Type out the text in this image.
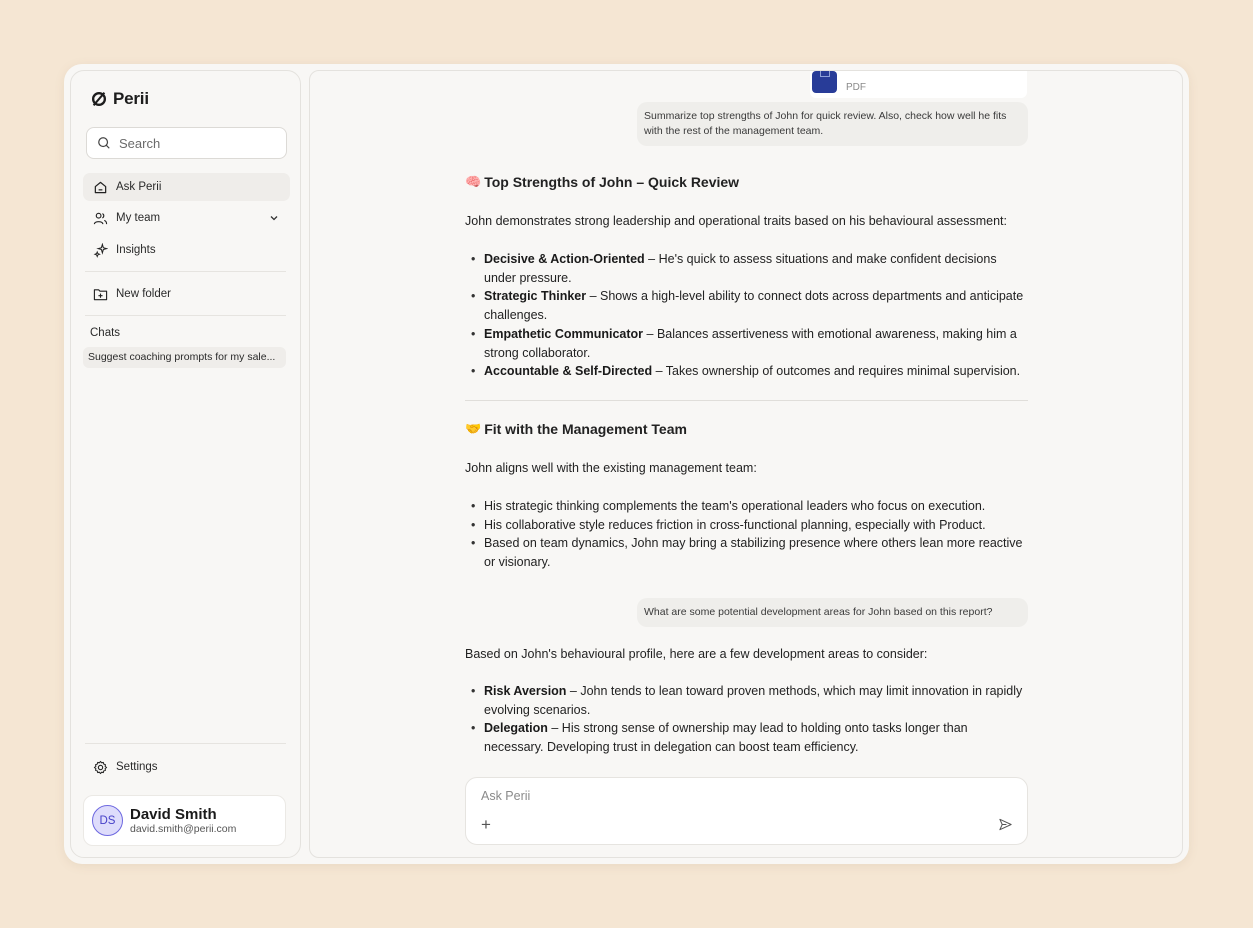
Perii
Search
Ask Perii
My team
Insights
New folder
Chats
Suggest coaching prompts for my sale...
Settings
DS David Smith
david.smith@perii.com
PDF
Summarize top strengths of John for quick review. Also, check how well he fits with the rest of the management team.
🧠 Top Strengths of John – Quick Review
John demonstrates strong leadership and operational traits based on his behavioural assessment:
• Decisive & Action-Oriented – He's quick to assess situations and make confident decisions under pressure.
• Strategic Thinker – Shows a high-level ability to connect dots across departments and anticipate challenges.
• Empathetic Communicator – Balances assertiveness with emotional awareness, making him a strong collaborator.
• Accountable & Self-Directed – Takes ownership of outcomes and requires minimal supervision.
🤝 Fit with the Management Team
John aligns well with the existing management team:
• His strategic thinking complements the team's operational leaders who focus on execution.
• His collaborative style reduces friction in cross-functional planning, especially with Product.
• Based on team dynamics, John may bring a stabilizing presence where others lean more reactive or visionary.
What are some potential development areas for John based on this report?
Based on John's behavioural profile, here are a few development areas to consider:
• Risk Aversion – John tends to lean toward proven methods, which may limit innovation in rapidly evolving scenarios.
• Delegation – His strong sense of ownership may lead to holding onto tasks longer than necessary. Developing trust in delegation can boost team efficiency.
Ask Perii
+
